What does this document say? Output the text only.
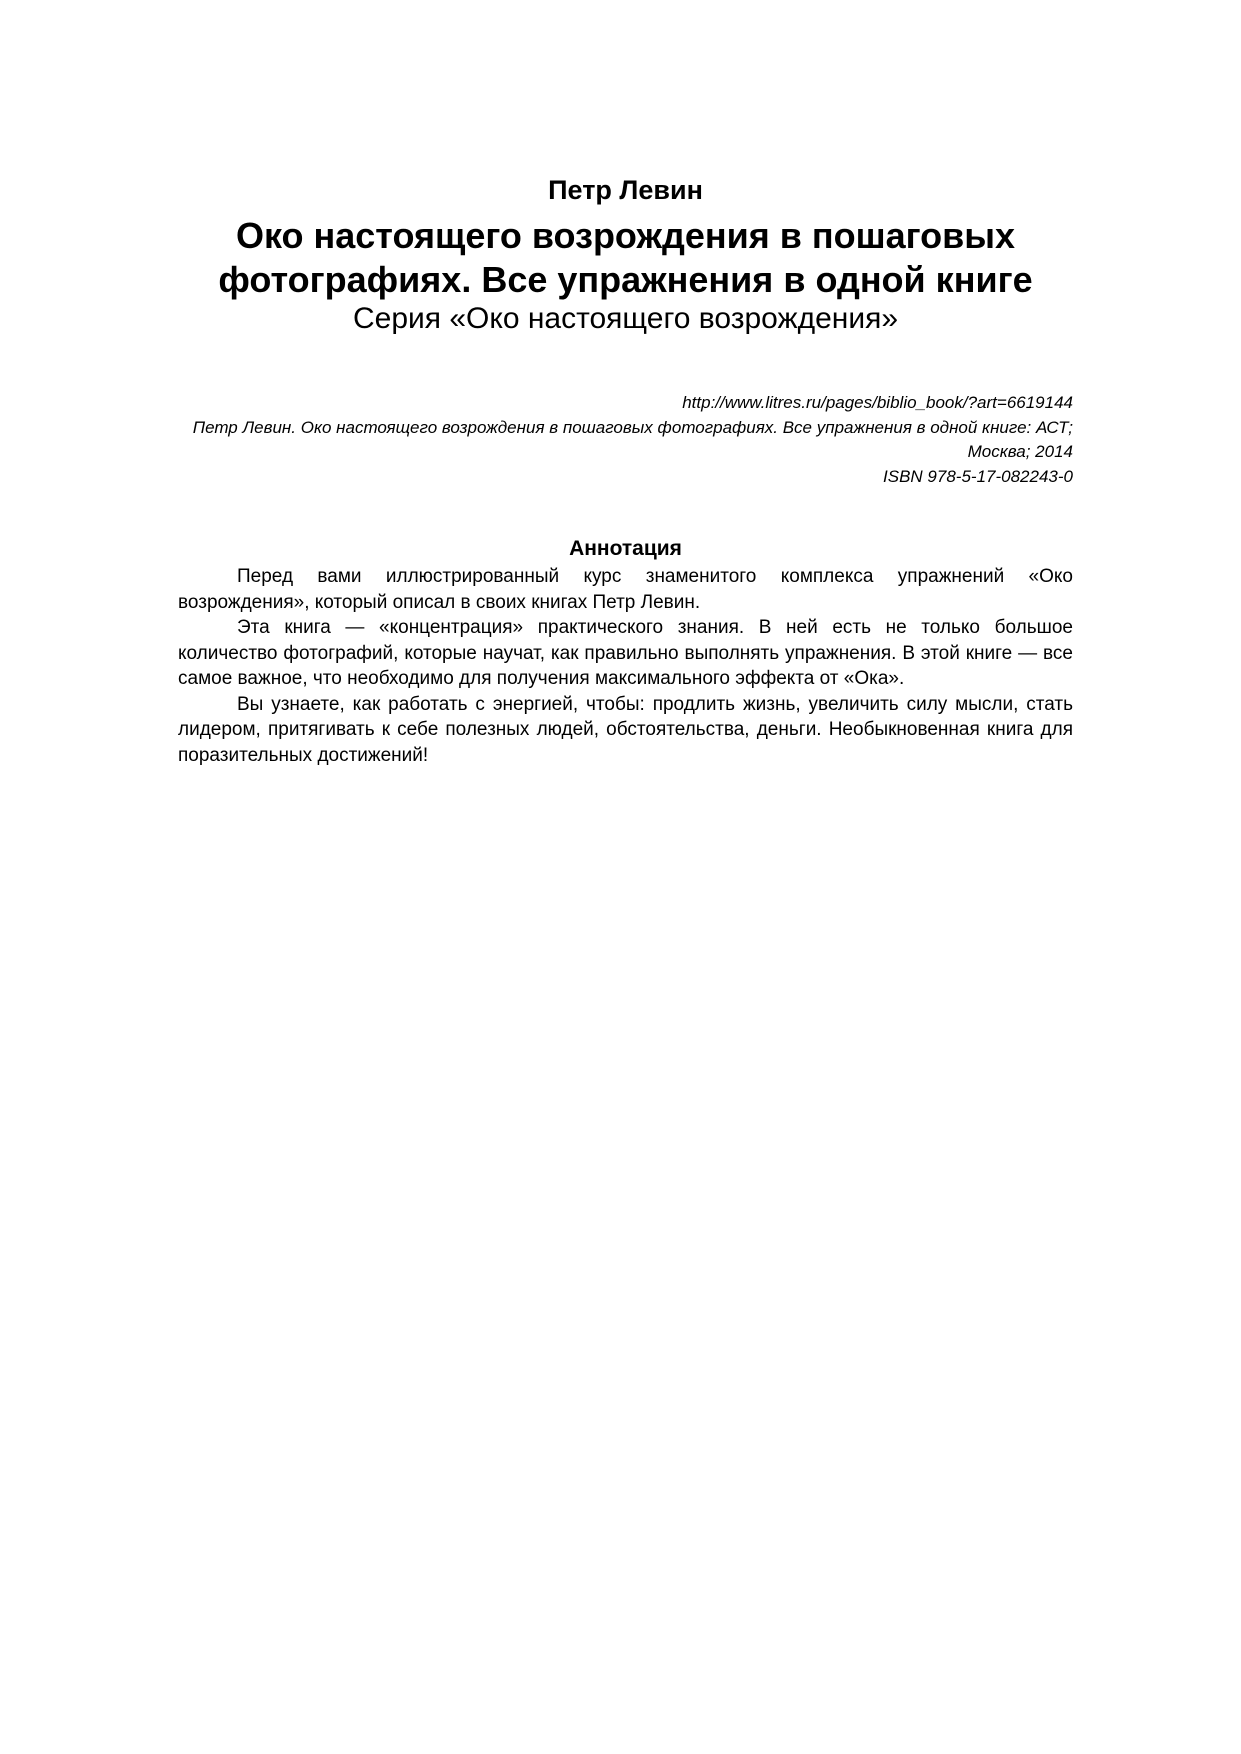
Петр Левин
Око настоящего возрождения в пошаговых фотографиях. Все упражнения в одной книге
Серия «Око настоящего возрождения»
http://www.litres.ru/pages/biblio_book/?art=6619144
Петр Левин. Око настоящего возрождения в пошаговых фотографиях. Все упражнения в одной книге: АСТ; Москва; 2014
ISBN 978-5-17-082243-0
Аннотация

Перед вами иллюстрированный курс знаменитого комплекса упражнений «Око возрождения», который описал в своих книгах Петр Левин.

Эта книга — «концентрация» практического знания. В ней есть не только большое количество фотографий, которые научат, как правильно выполнять упражнения. В этой книге — все самое важное, что необходимо для получения максимального эффекта от «Ока».

Вы узнаете, как работать с энергией, чтобы: продлить жизнь, увеличить силу мысли, стать лидером, притягивать к себе полезных людей, обстоятельства, деньги. Необыкновенная книга для поразительных достижений!
